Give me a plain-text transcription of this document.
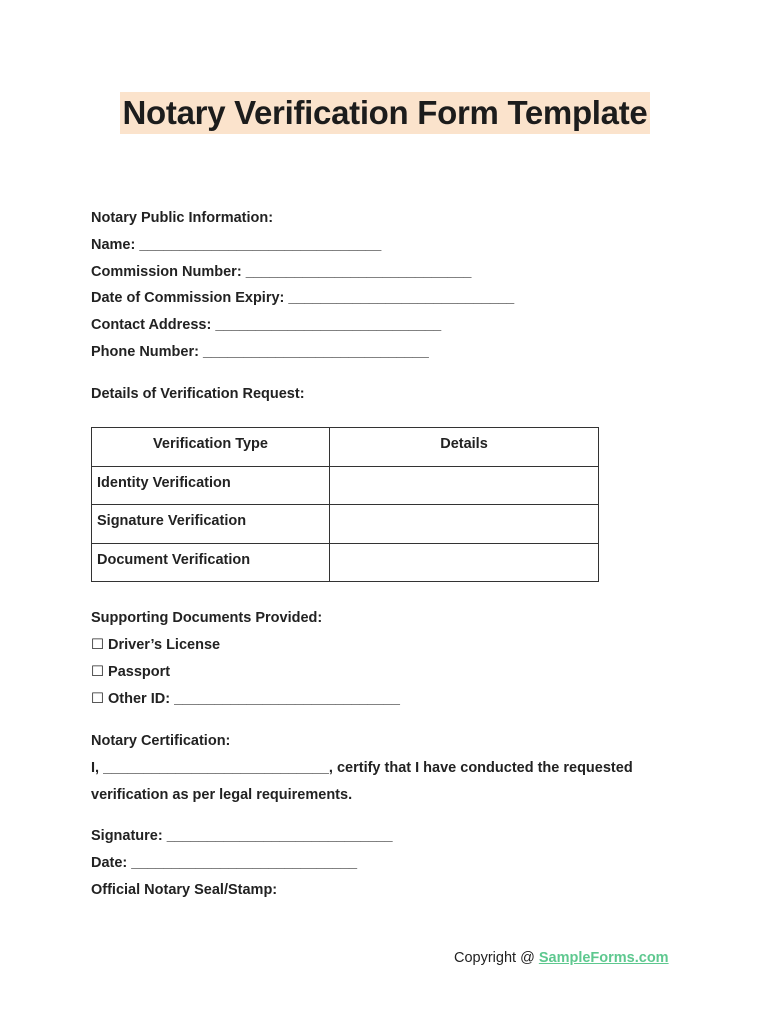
Notary Verification Form Template
Notary Public Information:
Name: ______________________________
Commission Number: ____________________________
Date of Commission Expiry: ____________________________
Contact Address: ____________________________
Phone Number: ____________________________
Details of Verification Request:
Verification Type	Details
Identity Verification	
Signature Verification	
Document Verification	
Supporting Documents Provided:
☐ Driver’s License
☐ Passport
☐ Other ID: ____________________________
Notary Certification:
I, ____________________________, certify that I have conducted the requested
verification as per legal requirements.
Signature: ____________________________
Date: ____________________________
Official Notary Seal/Stamp:
Copyright @ SampleForms.com
